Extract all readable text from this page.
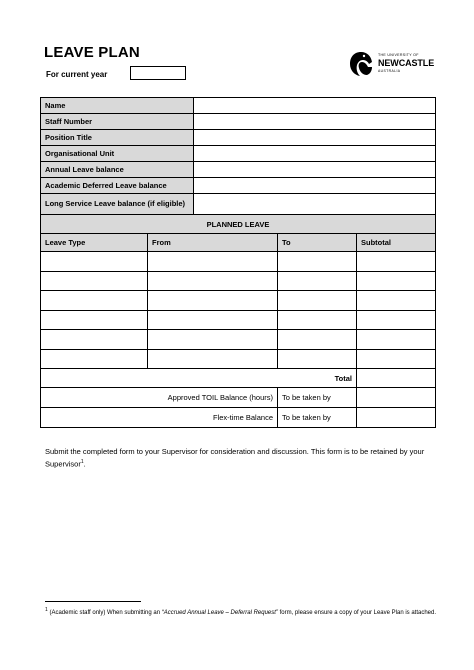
LEAVE PLAN
For current year
THE UNIVERSITY OF
NEWCASTLE
AUSTRALIA
Name				
Staff Number				
Position Title				
Organisational Unit				
Annual Leave balance				
Academic Deferred Leave balance				
Long Service Leave balance (if eligible)				
PLANNED LEAVE				
Leave Type	From		To	Subtotal

Total				
Approved TOIL Balance (hours)			To be taken by	
Flex-time Balance			To be taken by	
Submit the completed form to your Supervisor for consideration and discussion. This form is to be retained by your Supervisor$^1$.
$^1$ (Academic staff only) When submitting an “Accrued Annual Leave – Deferral Request” form, please ensure a copy of your Leave Plan is attached.
